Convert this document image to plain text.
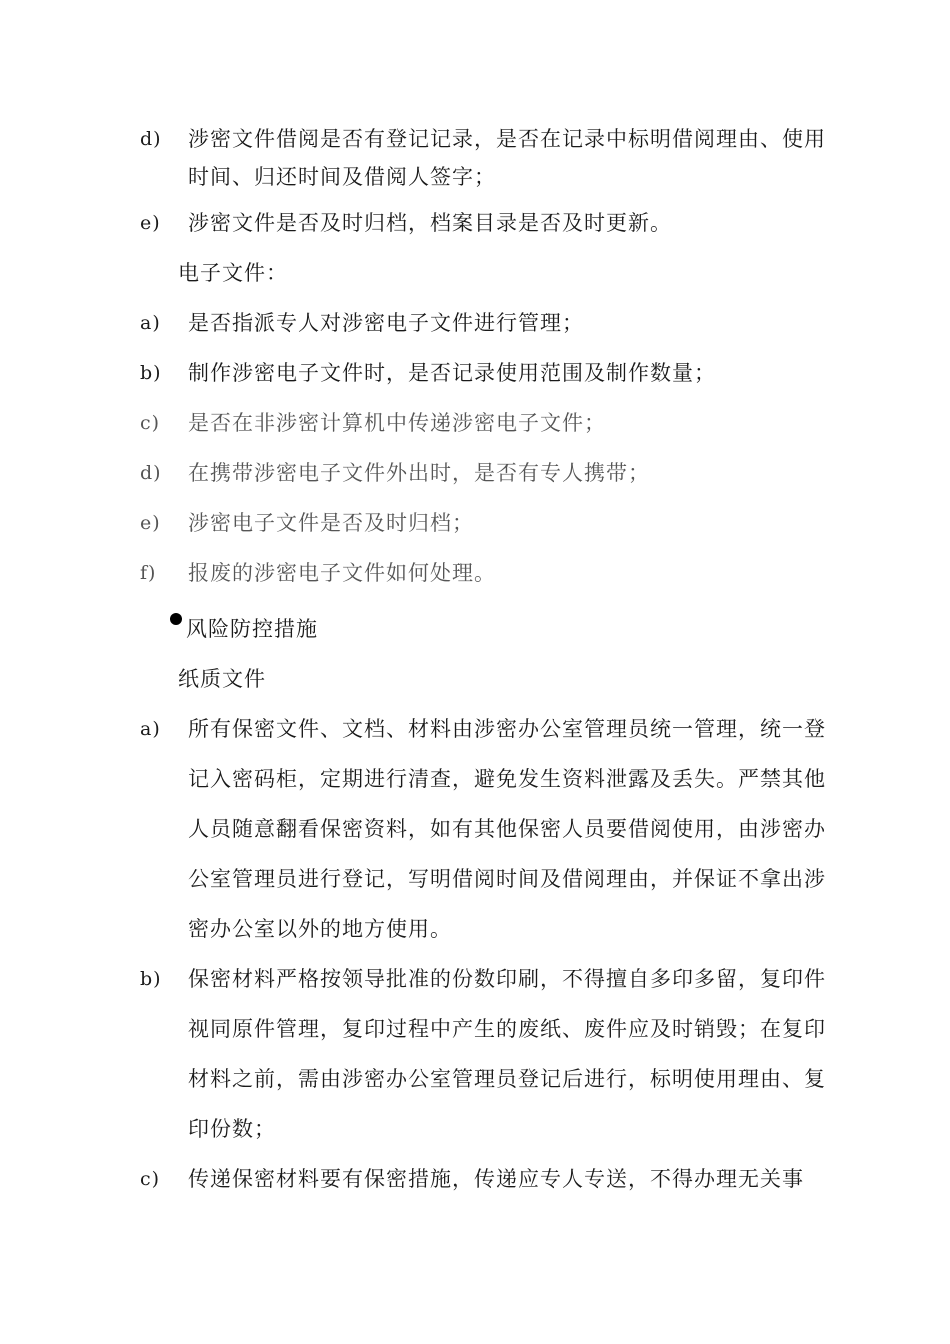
d) 涉密文件借阅是否有登记记录，是否在记录中标明借阅理由、使用时间、归还时间及借阅人签字；
e) 涉密文件是否及时归档，档案目录是否及时更新。
电子文件：
a) 是否指派专人对涉密电子文件进行管理；
b) 制作涉密电子文件时，是否记录使用范围及制作数量；
c) 是否在非涉密计算机中传递涉密电子文件；
d) 在携带涉密电子文件外出时，是否有专人携带；
e) 涉密电子文件是否及时归档；
f) 报废的涉密电子文件如何处理。
风险防控措施
纸质文件
a) 所有保密文件、文档、材料由涉密办公室管理员统一管理，统一登记入密码柜，定期进行清查，避免发生资料泄露及丢失。严禁其他人员随意翻看保密资料，如有其他保密人员要借阅使用，由涉密办公室管理员进行登记，写明借阅时间及借阅理由，并保证不拿出涉密办公室以外的地方使用。
b) 保密材料严格按领导批准的份数印刷，不得擅自多印多留，复印件视同原件管理，复印过程中产生的废纸、废件应及时销毁；在复印材料之前，需由涉密办公室管理员登记后进行，标明使用理由、复印份数；
c) 传递保密材料要有保密措施，传递应专人专送，不得办理无关事
